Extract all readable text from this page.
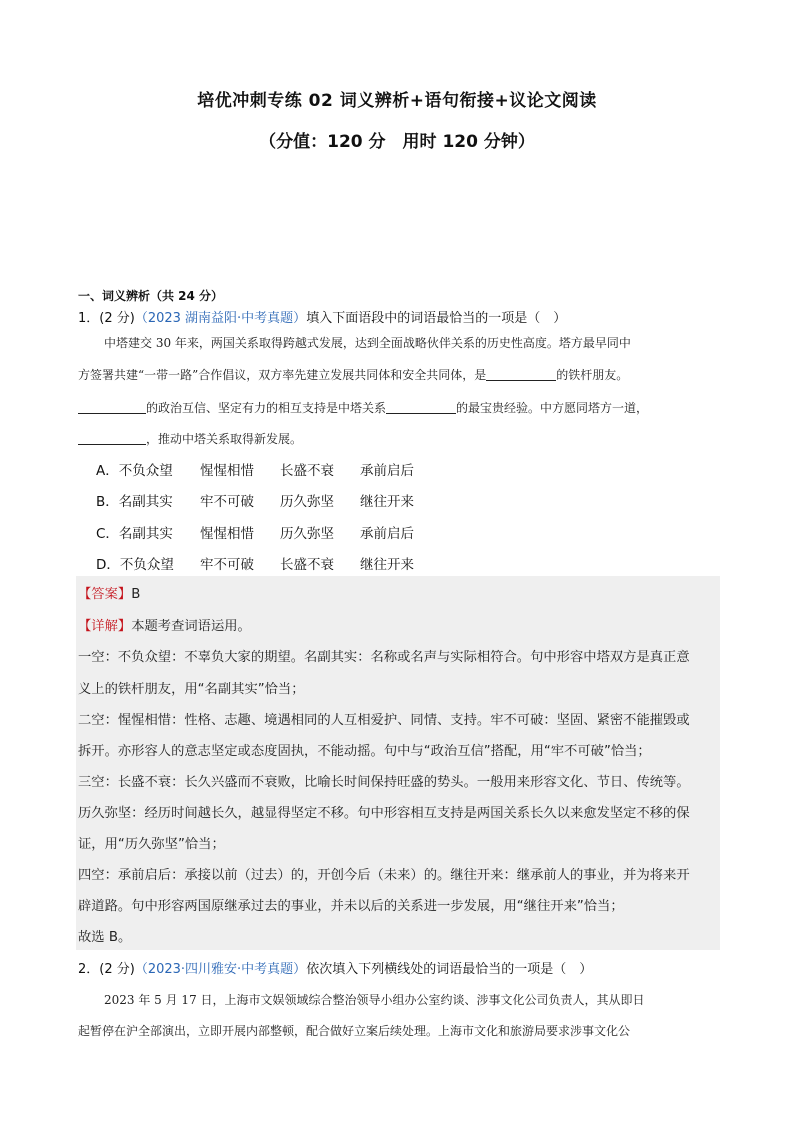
培优冲刺专练 02 词义辨析+语句衔接+议论文阅读
（分值：120 分　用时 120 分钟）
一、词义辨析（共 24 分）
1．(2 分)（2023 湖南益阳·中考真题）填入下面语段中的词语最恰当的一项是（　）
中塔建交 30 年来，两国关系取得跨越式发展，达到全面战略伙伴关系的历史性高度。塔方最早同中
方签署共建“一带一路”合作倡议，双方率先建立发展共同体和安全共同体，是	的铁杆朋友。
的政治互信、坚定有力的相互支持是中塔关系	的最宝贵经验。中方愿同塔方一道，
，推动中塔关系取得新发展。
A．不负众望 惺惺相惜 长盛不衰 承前启后
B．名副其实 牢不可破 历久弥坚 继往开来
C．名副其实 惺惺相惜 历久弥坚 承前启后
D．不负众望 牢不可破 长盛不衰 继往开来
【答案】B
【详解】本题考查词语运用。
一空：不负众望：不辜负大家的期望。名副其实：名称或名声与实际相符合。句中形容中塔双方是真正意
义上的铁杆朋友，用“名副其实”恰当；
二空：惺惺相惜：性格、志趣、境遇相同的人互相爱护、同情、支持。牢不可破：坚固、紧密不能摧毁或
拆开。亦形容人的意志坚定或态度固执，不能动摇。句中与“政治互信”搭配，用“牢不可破”恰当；
三空：长盛不衰：长久兴盛而不衰败，比喻长时间保持旺盛的势头。一般用来形容文化、节日、传统等。
历久弥坚：经历时间越长久，越显得坚定不移。句中形容相互支持是两国关系长久以来愈发坚定不移的保
证，用“历久弥坚”恰当；
四空：承前启后：承接以前（过去）的，开创今后（未来）的。继往开来：继承前人的事业，并为将来开
辟道路。句中形容两国原继承过去的事业，并未以后的关系进一步发展，用“继往开来”恰当；
故选 B。
2．(2 分)（2023·四川雅安·中考真题）依次填入下列横线处的词语最恰当的一项是（　）
2023 年 5 月 17 日，上海市文娱领域综合整治领导小组办公室约谈、涉事文化公司负责人，其从即日
起暂停在沪全部演出，立即开展内部整顿，配合做好立案后续处理。上海市文化和旅游局要求涉事文化公
